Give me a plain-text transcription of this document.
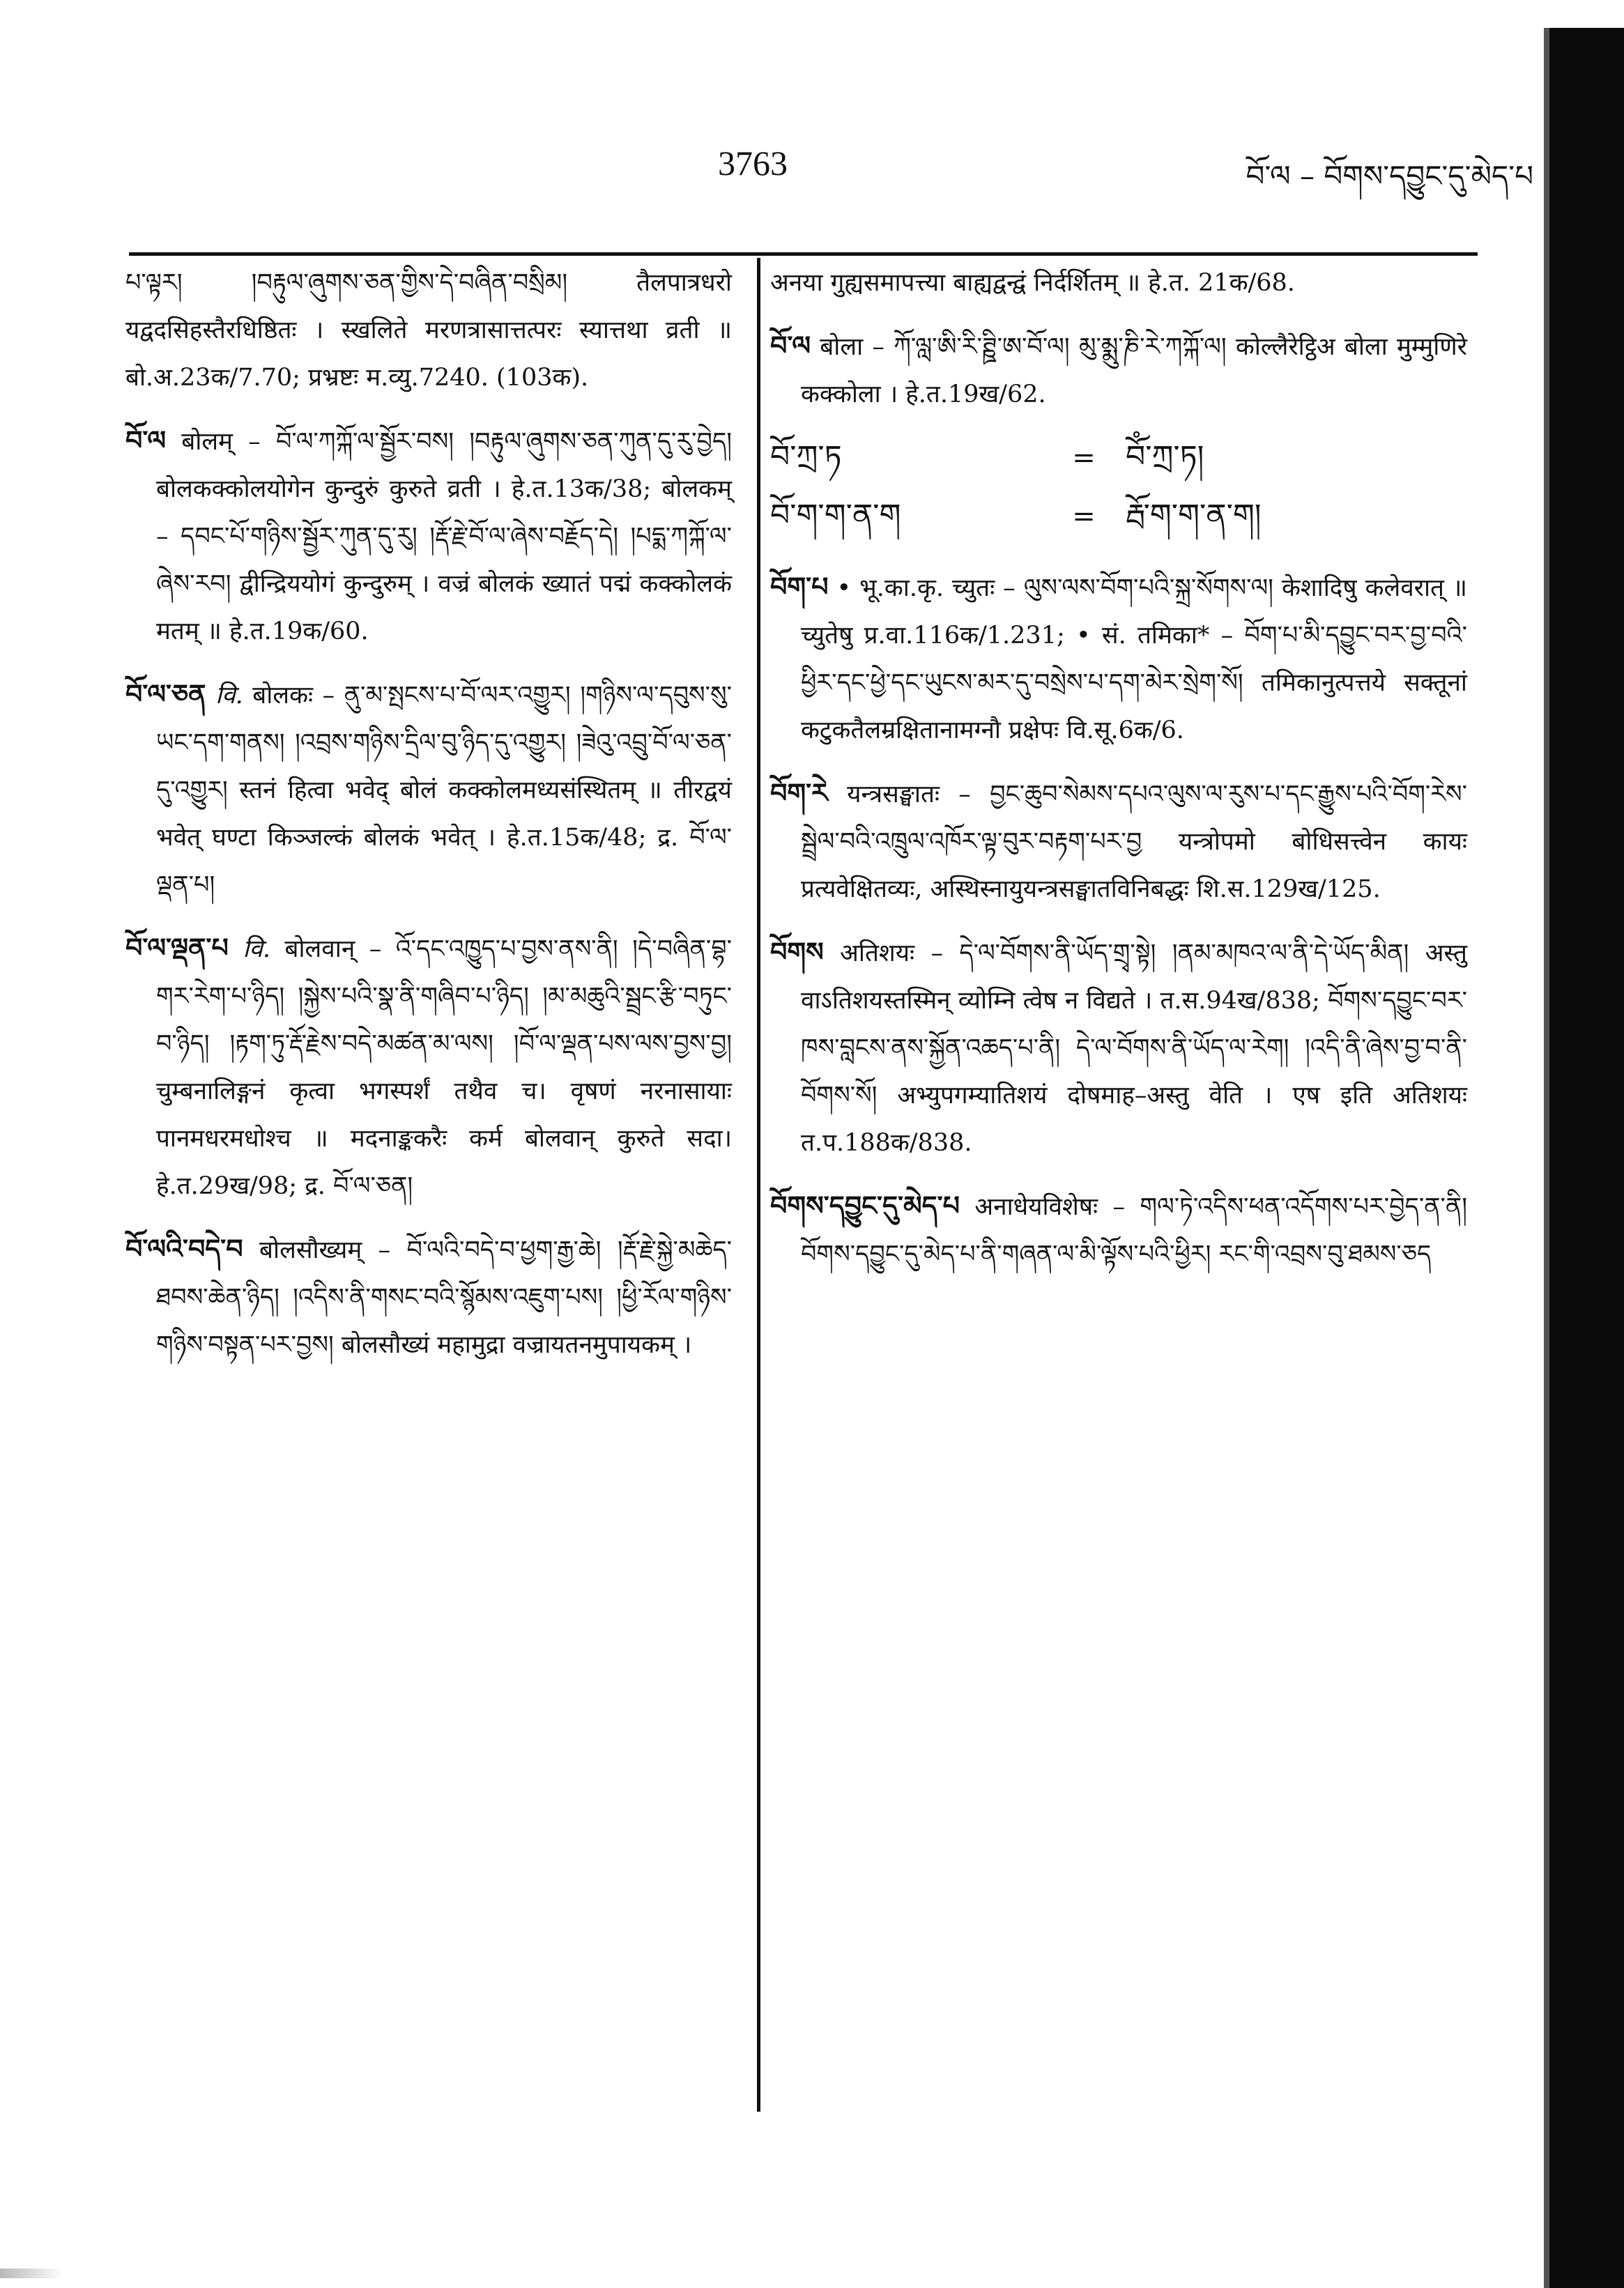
3763	བོ་ལ – བོགས་དབྱུང་དུ་མེད་པ

པ་ལྟར། །བརྟུལ་ཞུགས་ཅན་གྱིས་དེ་བཞིན་བསྲིམ། तैलपात्रधरो यद्वदसिहस्तैरधिष्ठितः । स्खलिते मरणत्रासात्तत्परः स्यात्तथा व्रती ॥ बो.अ.23क/7.70; प्रभ्रष्टः म.व्यु.7240. (103क).

བོ་ལ बोलम् – བོ་ལ་ཀཀྐོ་ལ་སྦྱོར་བས། །བརྟུལ་ཞུགས་ཅན་ཀུན་དུ་རུ་བྱེད། बोलकक्कोलयोगेन कुन्दुरुं कुरुते व्रती । हे.त.13क/38; बोलकम् – དབང་པོ་གཉིས་སྦྱོར་ཀུན་དུ་རུ། །རྡོ་རྗེ་བོ་ལ་ཞེས་བརྗོད་དེ། །པདྨ་ཀཀྐོ་ལ་ཞེས་རབ། द्वीन्द्रिययोगं कुन्दुरुम् । वज्रं बोलकं ख्यातं पद्मं कक्कोलकं मतम् ॥ हे.त.19क/60.

བོ་ལ་ཅན वि. बोलकः – ནུ་མ་སྤངས་པ་བོ་ལར་འགྱུར། །གཉིས་ལ་དབུས་སུ་ཡང་དག་གནས། །འབྲས་གཉིས་དྲིལ་བུ་ཉིད་དུ་འགྱུར། །ཟེའུ་འབྲུ་བོ་ལ་ཅན་དུ་འགྱུར། स्तनं हित्वा भवेद् बोलं कक्कोलमध्यसंस्थितम् ॥ तीरद्वयं भवेत् घण्टा किञ्जल्कं बोलकं भवेत् । हे.त.15क/48; द्र. བོ་ལ་ལྡན་པ།

བོ་ལ་ལྡན་པ वि. बोलवान् – འོ་དང་འཁྱུད་པ་བྱས་ནས་ནི། །དེ་བཞིན་བྷ་གར་རེག་པ་ཉིད། །སྐྱེས་པའི་སྣ་ནི་གཞིབ་པ་ཉིད། །མ་མཆུའི་སྦྲང་རྩི་བཏུང་བ་ཉིད། །རྟག་ཏུ་རྡོ་རྗེས་བདེ་མཚན་མ་ལས། །བོ་ལ་ལྡན་པས་ལས་བྱས་བྱ། चुम्बनालिङ्गनं कृत्वा भगस्पर्शं तथैव च। वृषणं नरनासायाः पानमधरमधोश्च ॥ मदनाङ्ककरैः कर्म बोलवान् कुरुते सदा। हे.त.29ख/98; द्र. བོ་ལ་ཅན།

བོ་ལའི་བདེ་བ बोलसौख्यम् – བོ་ལའི་བདེ་བ་ཕྱག་རྒྱ་ཆེ། །རྡོ་རྗེ་སྐྱེ་མཆེད་ཐབས་ཆེན་ཉིད། །འདིས་ནི་གསང་བའི་སྙོམས་འཇུག་པས། །ཕྱི་རོལ་གཉིས་གཉིས་བསྟན་པར་བྱས། बोलसौख्यं महामुद्रा वज्रायतनमुपायकम् ।

अनया गुह्यसमापत्त्या बाह्यद्वन्द्वं निर्दर्शितम् ॥ हे.त. 21क/68.

བོ་ལ बोला – ཀོ་ལླ་ཨི་རི་ཊྛི་ཨ་བོ་ལ། མུ་མྨུ་ཎི་རེ་ཀཀྐོ་ལ། कोल्लैरेट्ठिअ बोला मुम्मुणिरे कक्कोला । हे.त.19ख/62.

བོ་ཀྲ་ཏ	= བོཾ་ཀྲ་ཏ།
བོ་ག་ག་ན་ག	= རྦོ་ག་ག་ན་ག།

བོག་པ • भू.का.कृ. च्युतः – ལུས་ལས་བོག་པའི་སྐྲ་སོགས་ལ། केशादिषु कलेवरात् ॥ च्युतेषु प्र.वा.116क/1.231; • सं. तमिका* – བོག་པ་མི་དབྱུང་བར་བྱ་བའི་ཕྱིར་དང་ཕྱེ་དང་ཡུངས་མར་དུ་བསྲེས་པ་དག་མེར་སྲེག་སོ། तमिकानुत्पत्तये सक्तूनां कटुकतैलम्रक्षितानामग्नौ प्रक्षेपः वि.सू.6क/6.

བོག་རེ यन्त्रसङ्घातः – བྱང་ཆུབ་སེམས་དཔའ་ལུས་ལ་རུས་པ་དང་རྒྱུས་པའི་བོག་རེས་སྦྲེལ་བའི་འཁྲུལ་འཁོར་ལྟ་བུར་བརྟག་པར་བྱ यन्त्रोपमो बोधिसत्त्वेन कायः प्रत्यवेक्षितव्यः, अस्थिस्नायुयन्त्रसङ्घातविनिबद्धः शि.स.129ख/125.

བོགས अतिशयः – དེ་ལ་བོགས་ནི་ཡོད་གྲྭ་སྟེ། །ནམ་མཁའ་ལ་ནི་དེ་ཡོད་མིན། अस्तु वाऽतिशयस्तस्मिन् व्योम्नि त्वेष न विद्यते । त.स.94ख/838; བོགས་དབྱུང་བར་ཁས་བླངས་ནས་སྐྱོན་འཆད་པ་ནི། དེ་ལ་བོགས་ནི་ཡོད་ལ་རེག། །འདི་ནི་ཞེས་བྱ་བ་ནི་བོགས་སོ། अभ्युपगम्यातिशयं दोषमाह–अस्तु वेति । एष इति अतिशयः त.प.188क/838.

བོགས་དབྱུང་དུ་མེད་པ अनाधेयविशेषः – གལ་ཏེ་འདིས་ཕན་འདོགས་པར་བྱེད་ན་ནི། བོགས་དབྱུང་དུ་མེད་པ་ནི་གཞན་ལ་མི་ལྟོས་པའི་ཕྱིར། རང་གི་འབྲས་བུ་ཐམས་ཅད
